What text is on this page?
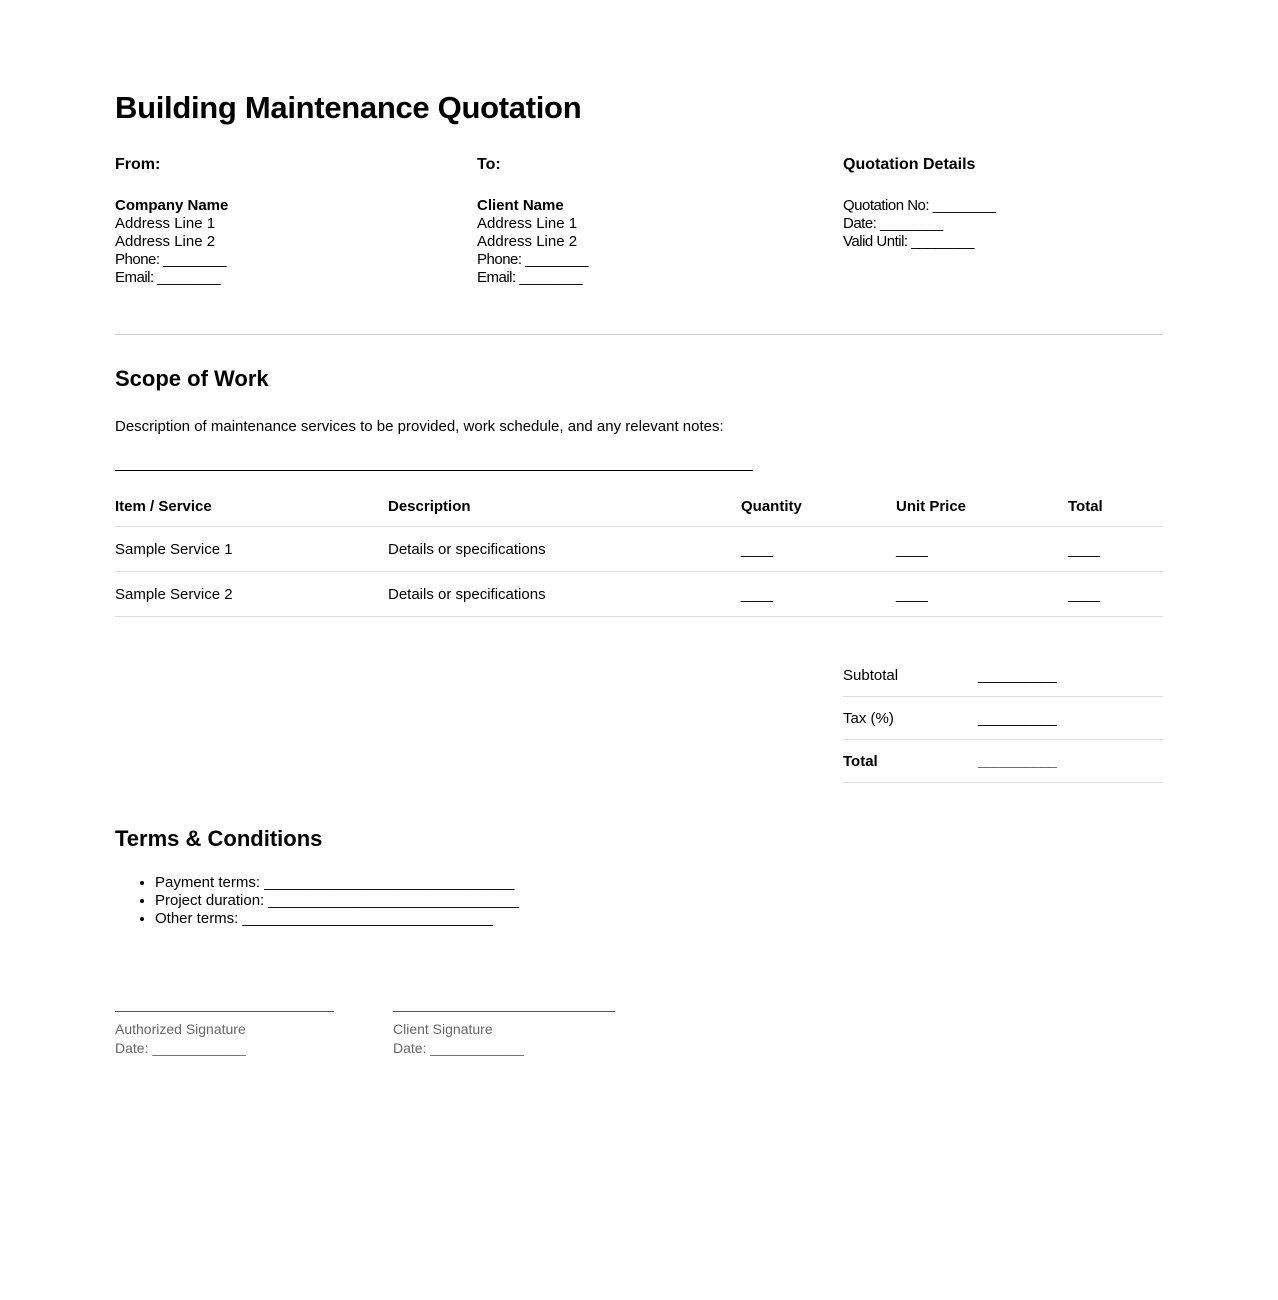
Building Maintenance Quotation
From:
Company Name
Address Line 1
Address Line 2
Phone: ________
Email: ________
To:
Client Name
Address Line 1
Address Line 2
Phone: ________
Email: ________
Quotation Details
Quotation No: ________
Date: ________
Valid Until: ________
Scope of Work

Description of maintenance services to be provided, work schedule, and any relevant notes:

Item / Service	Description	Quantity	Unit Price	Total
Sample Service 1	Details or specifications	____	____	____
Sample Service 2	Details or specifications	____	____	____
Subtotal	__________
Tax (%)	__________
Total	__________
Terms & Conditions
• Payment terms: ______________________________
• Project duration: ______________________________
• Other terms: ______________________________
Authorized Signature
Date: ____________
Client Signature
Date: ____________
